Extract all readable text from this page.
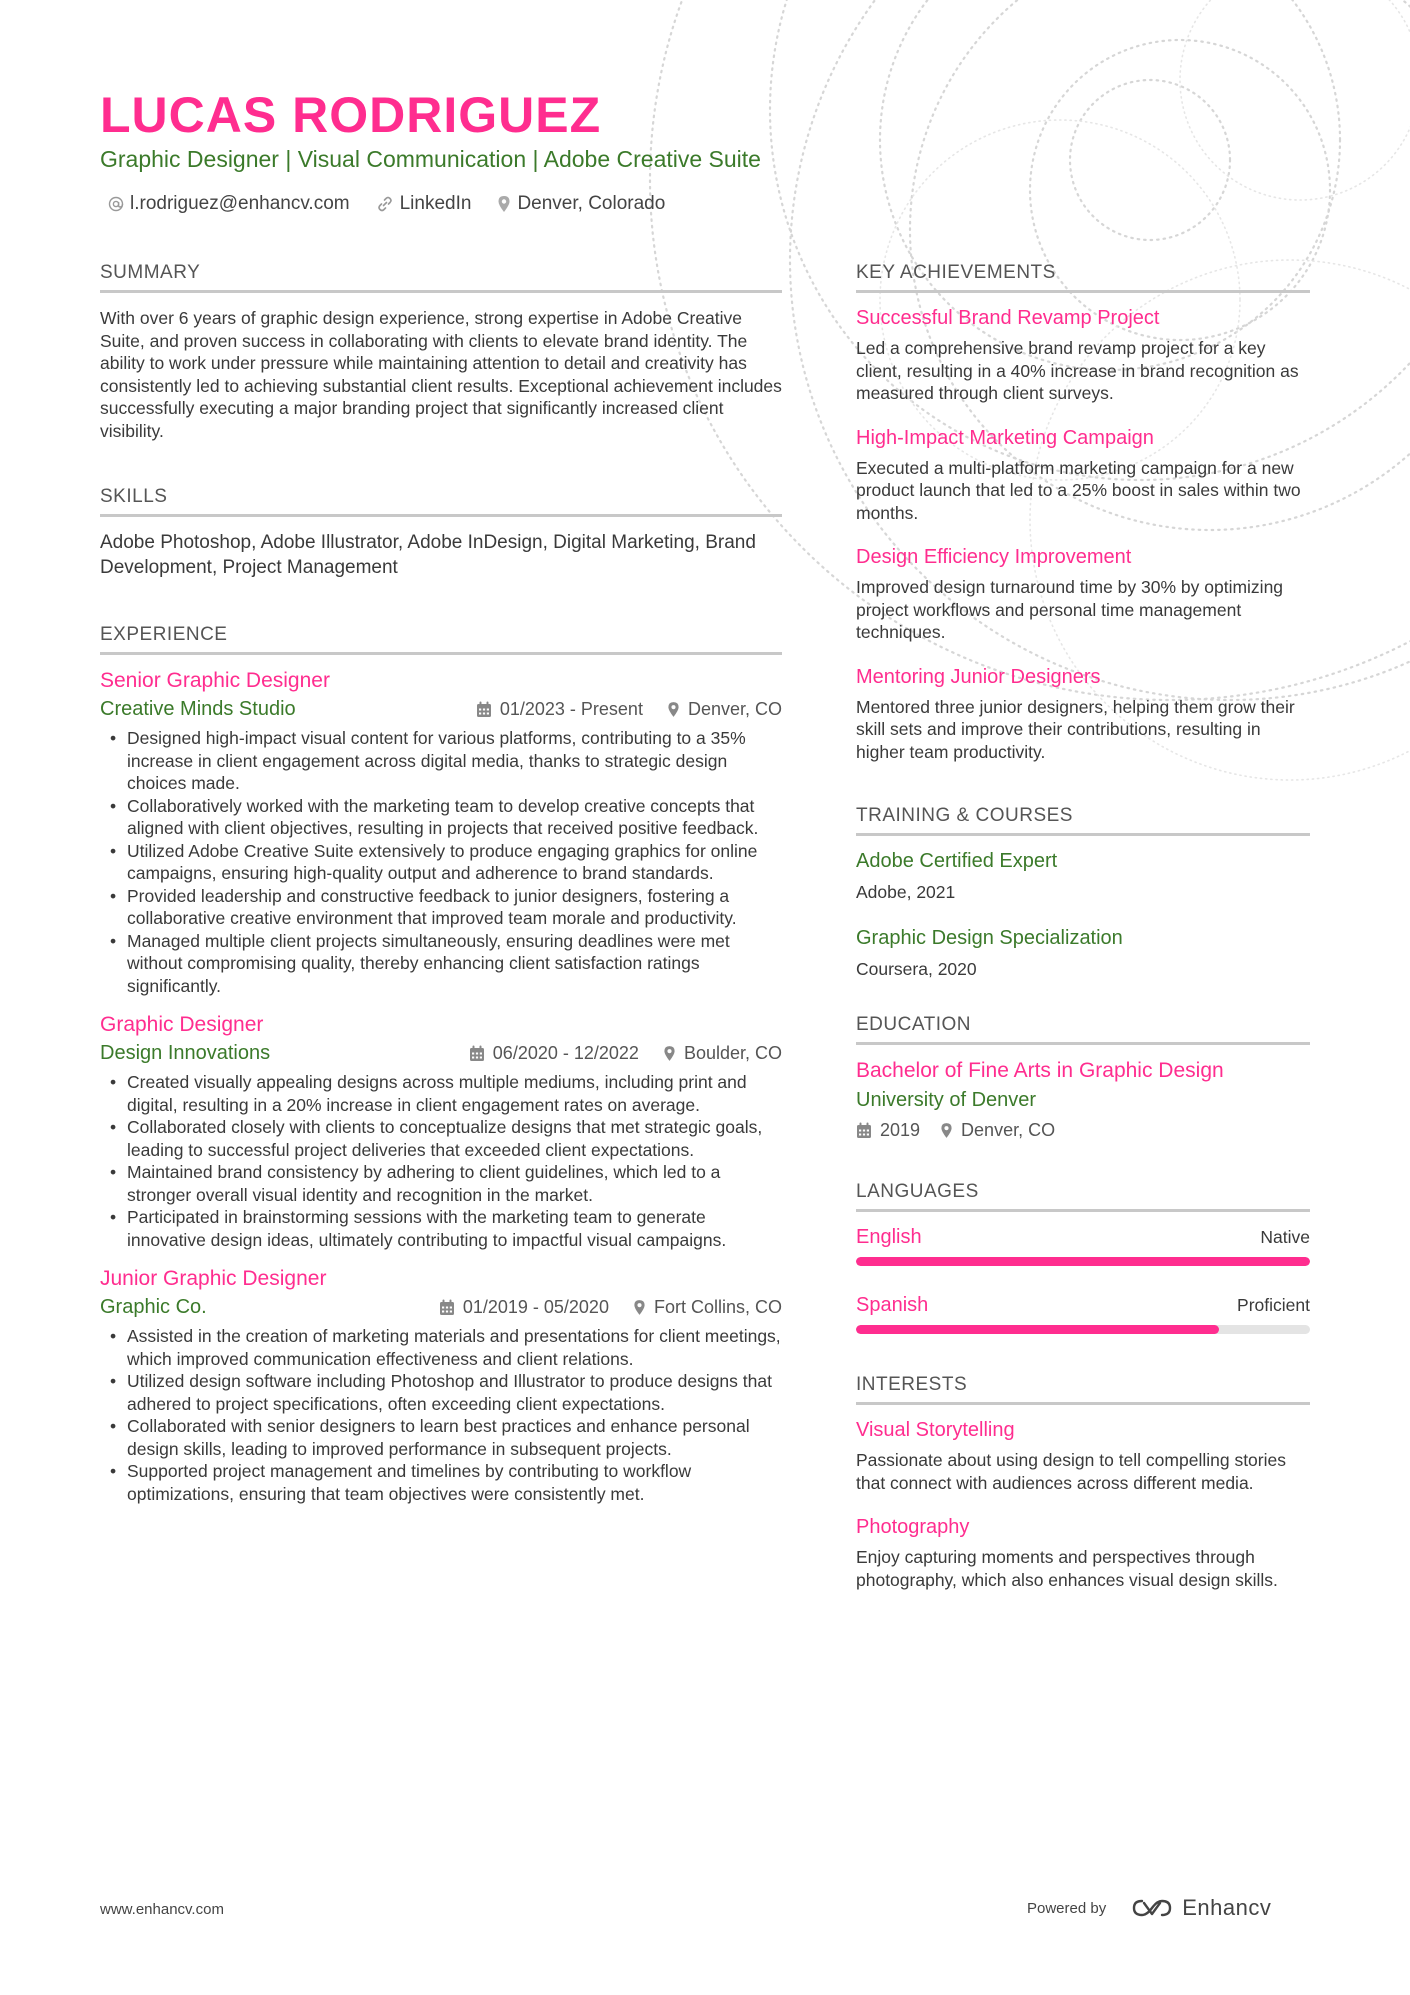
LUCAS RODRIGUEZ
Graphic Designer | Visual Communication | Adobe Creative Suite
l.rodriguez@enhancv.com	LinkedIn Denver, Colorado
SUMMARY
With over 6 years of graphic design experience, strong expertise in Adobe Creative Suite, and proven success in collaborating with clients to elevate brand identity. The ability to work under pressure while maintaining attention to detail and creativity has consistently led to achieving substantial client results. Exceptional achievement includes successfully executing a major branding project that significantly increased client visibility.
SKILLS
Adobe Photoshop, Adobe Illustrator, Adobe InDesign, Digital Marketing, Brand Development, Project Management
EXPERIENCE
Senior Graphic Designer
Creative Minds Studio	01/2023 - Present	Denver, CO
• Designed high-impact visual content for various platforms, contributing to a 35% increase in client engagement across digital media, thanks to strategic design choices made.
• Collaboratively worked with the marketing team to develop creative concepts that aligned with client objectives, resulting in projects that received positive feedback.
• Utilized Adobe Creative Suite extensively to produce engaging graphics for online campaigns, ensuring high-quality output and adherence to brand standards.
• Provided leadership and constructive feedback to junior designers, fostering a collaborative creative environment that improved team morale and productivity.
• Managed multiple client projects simultaneously, ensuring deadlines were met without compromising quality, thereby enhancing client satisfaction ratings significantly.
Graphic Designer
Design Innovations	06/2020 - 12/2022	Boulder, CO
• Created visually appealing designs across multiple mediums, including print and digital, resulting in a 20% increase in client engagement rates on average.
• Collaborated closely with clients to conceptualize designs that met strategic goals, leading to successful project deliveries that exceeded client expectations.
• Maintained brand consistency by adhering to client guidelines, which led to a stronger overall visual identity and recognition in the market.
• Participated in brainstorming sessions with the marketing team to generate innovative design ideas, ultimately contributing to impactful visual campaigns.
Junior Graphic Designer
Graphic Co.	01/2019 - 05/2020	Fort Collins, CO
• Assisted in the creation of marketing materials and presentations for client meetings, which improved communication effectiveness and client relations.
• Utilized design software including Photoshop and Illustrator to produce designs that adhered to project specifications, often exceeding client expectations.
• Collaborated with senior designers to learn best practices and enhance personal design skills, leading to improved performance in subsequent projects.
• Supported project management and timelines by contributing to workflow optimizations, ensuring that team objectives were consistently met.
KEY ACHIEVEMENTS
Successful Brand Revamp Project
Led a comprehensive brand revamp project for a key client, resulting in a 40% increase in brand recognition as measured through client surveys.
High-Impact Marketing Campaign
Executed a multi-platform marketing campaign for a new product launch that led to a 25% boost in sales within two months.
Design Efficiency Improvement
Improved design turnaround time by 30% by optimizing project workflows and personal time management techniques.
Mentoring Junior Designers
Mentored three junior designers, helping them grow their skill sets and improve their contributions, resulting in higher team productivity.
TRAINING & COURSES
Adobe Certified Expert
Adobe, 2021
Graphic Design Specialization
Coursera, 2020
EDUCATION
Bachelor of Fine Arts in Graphic Design
University of Denver
2019 Denver, CO
LANGUAGES
English	Native
Spanish	Proficient
INTERESTS
Visual Storytelling
Passionate about using design to tell compelling stories that connect with audiences across different media.
Photography
Enjoy capturing moments and perspectives through photography, which also enhances visual design skills.
www.enhancv.com	Powered by	Enhancv
